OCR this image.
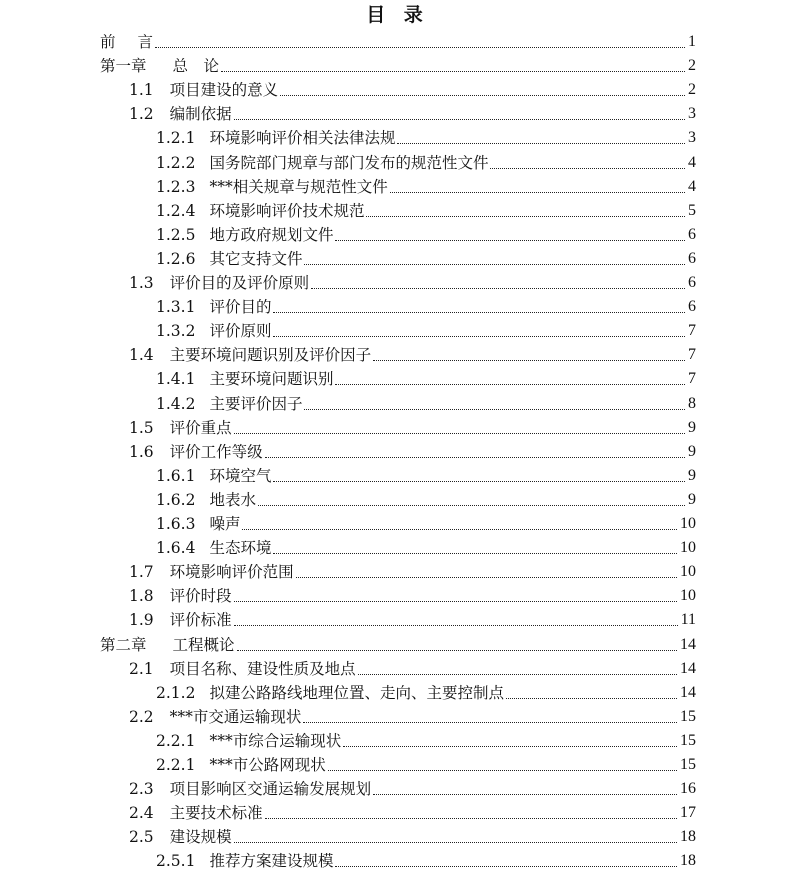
目 录
前 言	1
第一章 总　论	2
1.1 项目建设的意义	2
1.2 编制依据	3
1.2.1 环境影响评价相关法律法规	3
1.2.2 国务院部门规章与部门发布的规范性文件	4
1.2.3 ***相关规章与规范性文件	4
1.2.4 环境影响评价技术规范	5
1.2.5 地方政府规划文件	6
1.2.6 其它支持文件	6
1.3 评价目的及评价原则	6
1.3.1 评价目的	6
1.3.2 评价原则	7
1.4 主要环境问题识别及评价因子	7
1.4.1 主要环境问题识别	7
1.4.2 主要评价因子	8
1.5 评价重点	9
1.6 评价工作等级	9
1.6.1 环境空气	9
1.6.2 地表水	9
1.6.3 噪声	10
1.6.4 生态环境	10
1.7 环境影响评价范围	10
1.8 评价时段	10
1.9 评价标准	11
第二章 工程概论	14
2.1 项目名称、建设性质及地点	14
2.1.2 拟建公路路线地理位置、走向、主要控制点	14
2.2 ***市交通运输现状	15
2.2.1 ***市综合运输现状	15
2.2.1 ***市公路网现状	15
2.3 项目影响区交通运输发展规划	16
2.4 主要技术标准	17
2.5 建设规模	18
2.5.1 推荐方案建设规模	18
